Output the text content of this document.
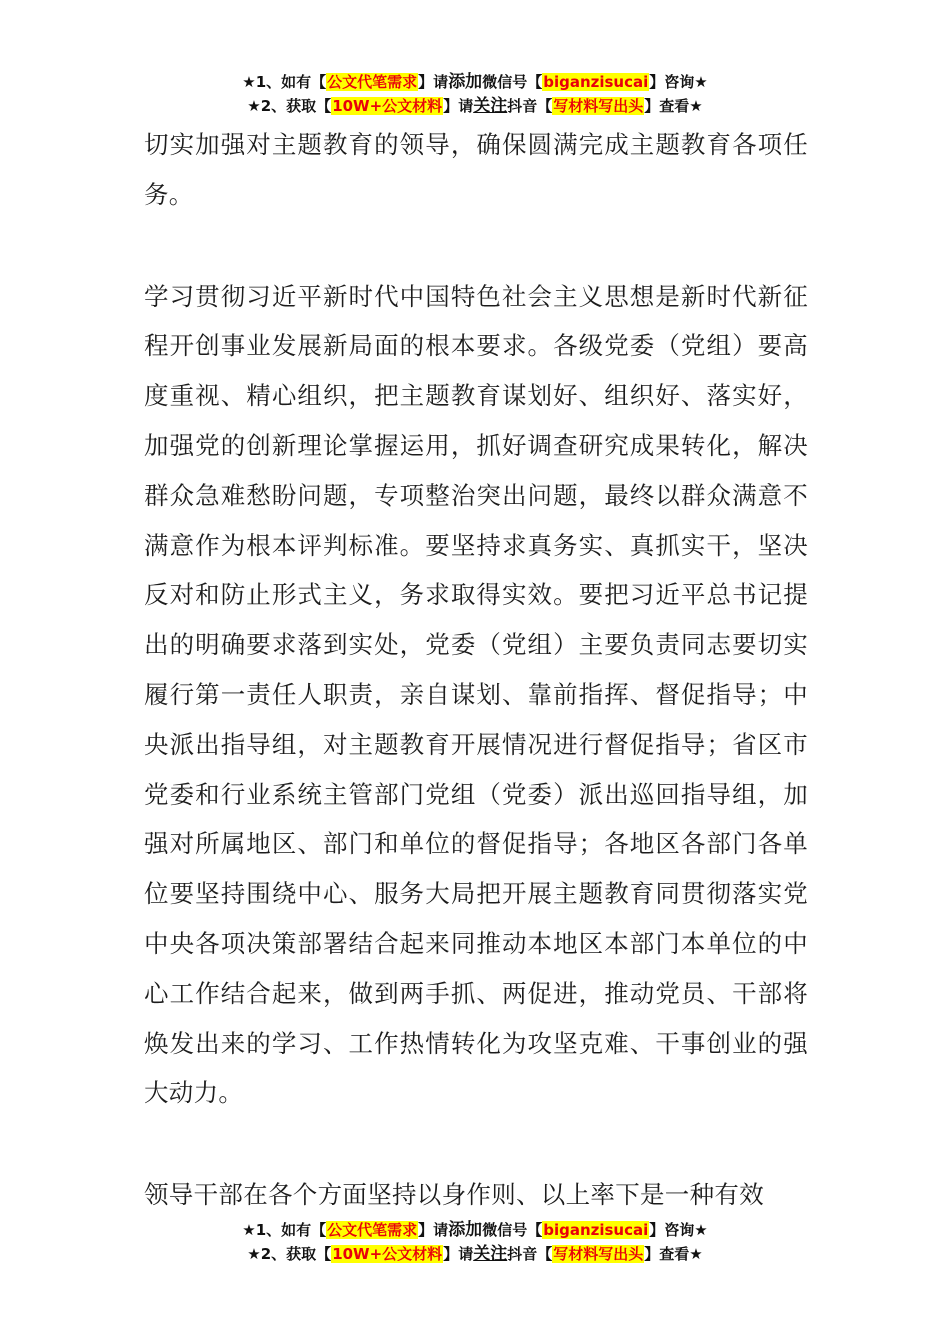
★1、如有【公文代笔需求】请添加微信号【biganzisucai】咨询★
★2、获取【10W+公文材料】请关注抖音【写材料写出头】查看★

切实加强对主题教育的领导，确保圆满完成主题教育各项任务。

学习贯彻习近平新时代中国特色社会主义思想是新时代新征程开创事业发展新局面的根本要求。各级党委（党组）要高度重视、精心组织，把主题教育谋划好、组织好、落实好，加强党的创新理论掌握运用，抓好调查研究成果转化，解决群众急难愁盼问题，专项整治突出问题，最终以群众满意不满意作为根本评判标准。要坚持求真务实、真抓实干，坚决反对和防止形式主义，务求取得实效。要把习近平总书记提出的明确要求落到实处，党委（党组）主要负责同志要切实履行第一责任人职责，亲自谋划、靠前指挥、督促指导；中央派出指导组，对主题教育开展情况进行督促指导；省区市党委和行业系统主管部门党组（党委）派出巡回指导组，加强对所属地区、部门和单位的督促指导；各地区各部门各单位要坚持围绕中心、服务大局把开展主题教育同贯彻落实党中央各项决策部署结合起来同推动本地区本部门本单位的中心工作结合起来，做到两手抓、两促进，推动党员、干部将焕发出来的学习、工作热情转化为攻坚克难、干事创业的强大动力。

领导干部在各个方面坚持以身作则、以上率下是一种有效

★1、如有【公文代笔需求】请添加微信号【biganzisucai】咨询★
★2、获取【10W+公文材料】请关注抖音【写材料写出头】查看★
